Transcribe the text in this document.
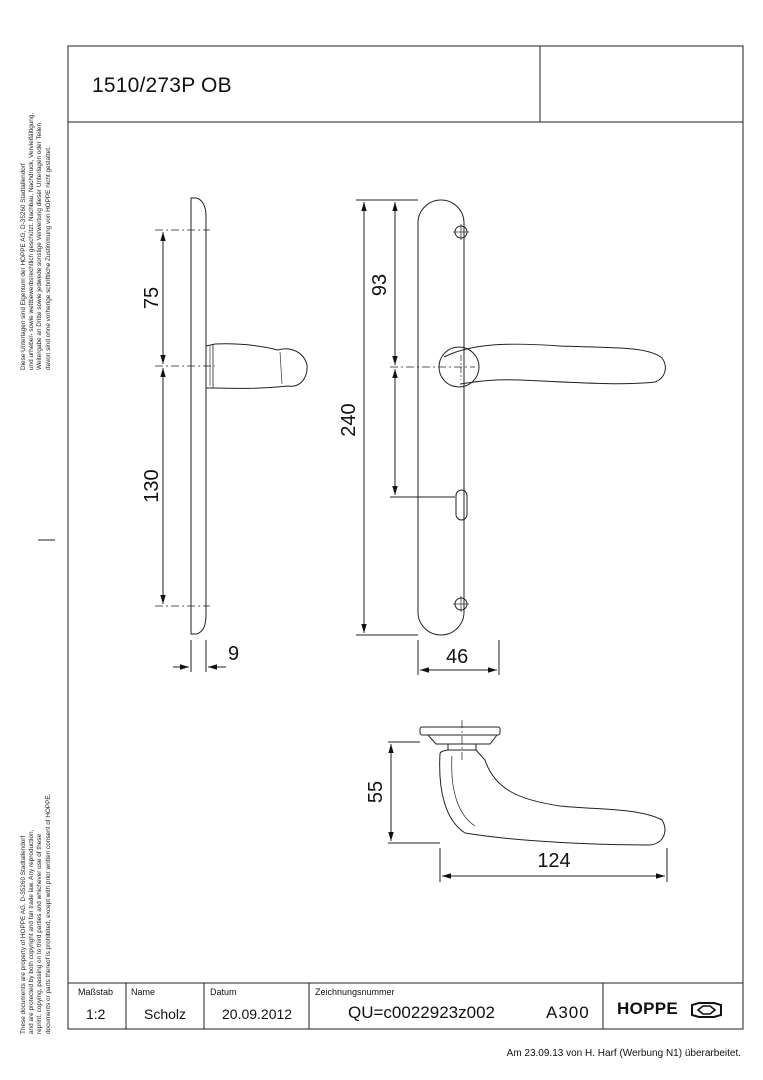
Diese Unterlagen sind Eigentum der HOPPE AG, D-35260 Stadtallendorf und urheber- sowie wettbewerbsrechtlich geschützt. Nachbau, Nachdruck, Vervielfältigung, Weitergabe an Dritte sowie jedwede sonstige Verwertung dieser Unterlagen oder Teilen davon sind ohne vorherige schriftliche Zustimmung von HOPPE nicht gestattet.
These documents are property of HOPPE AG, D-35260 Stadtallendorf and are protected by both copyright and fair trade law. Any reproduction, reprint, copying, passing on to third parties and whichever use of these documents or parts thereof is prohibited, except with prior written consent of HOPPE.
75
130
9
93
240
46
55
124
HOPPE
1510/273P OB
Maßstab
1:2
Name
Scholz
Datum
20.09.2012
Zeichnungsnummer
QU=c0022923z002	A300
Am 23.09.13 von H. Harf (Werbung N1) überarbeitet.
